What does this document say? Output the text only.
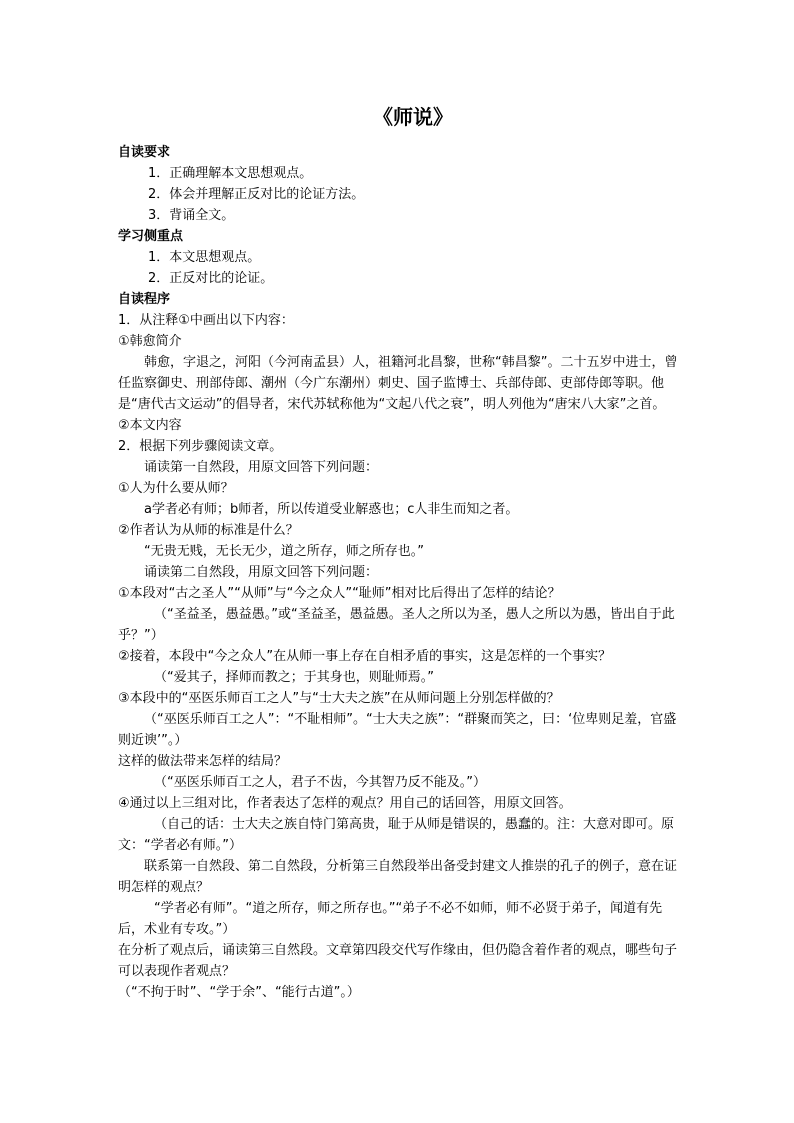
《师说》
自读要求
1．正确理解本文思想观点。
2．体会并理解正反对比的论证方法。
3．背诵全文。
学习侧重点
1．本文思想观点。
2．正反对比的论证。
自读程序
1．从注释①中画出以下内容：
①韩愈简介
韩愈，字退之，河阳（今河南孟县）人，祖籍河北昌黎，世称“韩昌黎”。二十五岁中进士，曾任监察御史、刑部侍郎、潮州（今广东潮州）刺史、国子监博士、兵部侍郎、吏部侍郎等职。他是“唐代古文运动”的倡导者，宋代苏轼称他为“文起八代之衰”，明人列他为“唐宋八大家”之首。
②本文内容
2．根据下列步骤阅读文章。
诵读第一自然段，用原文回答下列问题：
①人为什么要从师？
a学者必有师；b师者，所以传道受业解惑也；c人非生而知之者。
②作者认为从师的标准是什么？
“无贵无贱，无长无少，道之所存，师之所存也。”
诵读第二自然段，用原文回答下列问题：
①本段对“古之圣人”“从师”与“今之众人”“耻师”相对比后得出了怎样的结论？
（“圣益圣，愚益愚。”或“圣益圣，愚益愚。圣人之所以为圣，愚人之所以为愚，皆出自于此乎？”）
②接着，本段中“今之众人”在从师一事上存在自相矛盾的事实，这是怎样的一个事实？
（“爱其子，择师而教之；于其身也，则耻师焉。”
③本段中的“巫医乐师百工之人”与“士大夫之族”在从师问题上分别怎样做的？
（“巫医乐师百工之人”：“不耻相师”。“士大夫之族”：“群聚而笑之，曰：‘位卑则足羞，官盛则近谀’”。）
这样的做法带来怎样的结局？
（“巫医乐师百工之人，君子不齿，今其智乃反不能及。”）
④通过以上三组对比，作者表达了怎样的观点？用自己的话回答，用原文回答。
（自己的话：士大夫之族自恃门第高贵，耻于从师是错误的，愚蠢的。注：大意对即可。原文：“学者必有师。”）
联系第一自然段、第二自然段，分析第三自然段举出备受封建文人推崇的孔子的例子，意在证明怎样的观点？
“学者必有师”。“道之所存，师之所存也。”“弟子不必不如师，师不必贤于弟子，闻道有先后，术业有专攻。”）
在分析了观点后，诵读第三自然段。文章第四段交代写作缘由，但仍隐含着作者的观点，哪些句子可以表现作者观点？
（“不拘于时”、“学于余”、“能行古道”。）
